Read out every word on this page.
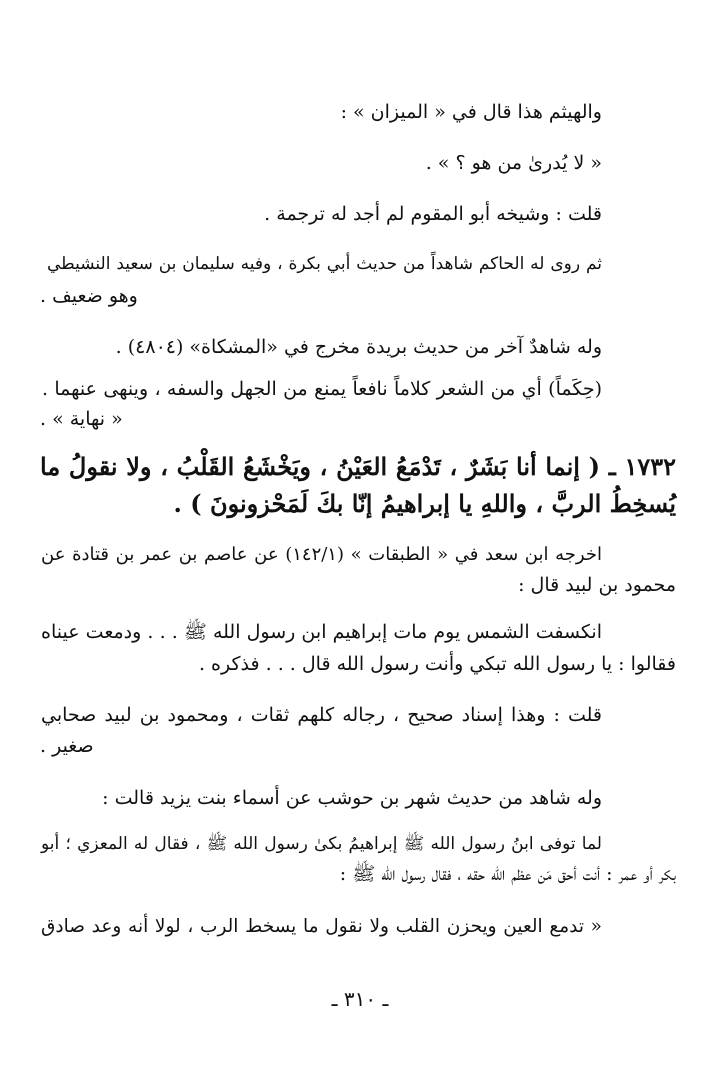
والهيثم هذا قال في « الميزان » :
« لا يُدرىٰ من هو ؟ » .
قلت : وشيخه أبو المقوم لم أجد له ترجمة .
ثم روى له الحاكم شاهداً من حديث أبي بكرة ، وفيه سليمان بن سعيد النشيطي
وهو ضعيف .
وله شاهدٌ آخر من حديث بريدة مخرج في «المشكاة» (٤٨٠٤) .
(حِكَماً) أي من الشعر كلاماً نافعاً يمنع من الجهل والسفه ، وينهى عنهما .
« نهاية » .
١٧٣٢ ـ ( إنما أنا بَشَرٌ ، تَدْمَعُ العَيْنُ ، ويَخْشَعُ القَلْبُ ، ولا نقولُ ما
يُسخِطُ الربَّ ، واللهِ يا إبراهيمُ إنّا بكَ لَمَحْزونونَ ) .
اخرجه ابن سعد في « الطبقات » (١٤٢/١) عن عاصم بن عمر بن قتادة عن
محمود بن لبيد قال :
انكسفت الشمس يوم مات إبراهيم ابن رسول الله ﷺ . . . ودمعت عيناه
فقالوا : يا رسول الله تبكي وأنت رسول الله قال . . . فذكره .
قلت : وهذا إسناد صحيح ، رجاله كلهم ثقات ، ومحمود بن لبيد صحابي
صغير .
وله شاهد من حديث شهر بن حوشب عن أسماء بنت يزيد قالت :
لما توفى ابنُ رسول الله ﷺ إبراهيمُ بكىٰ رسول الله ﷺ ، فقال له المعزي ؛ أبو
بكر أو عمر : أنت أحق مَن عظم الله حقه ، فقال رسول الله ﷺ :
« تدمع العين ويحزن القلب ولا نقول ما يسخط الرب ، لولا أنه وعد صادق
ـ ٣١٠ ـ
